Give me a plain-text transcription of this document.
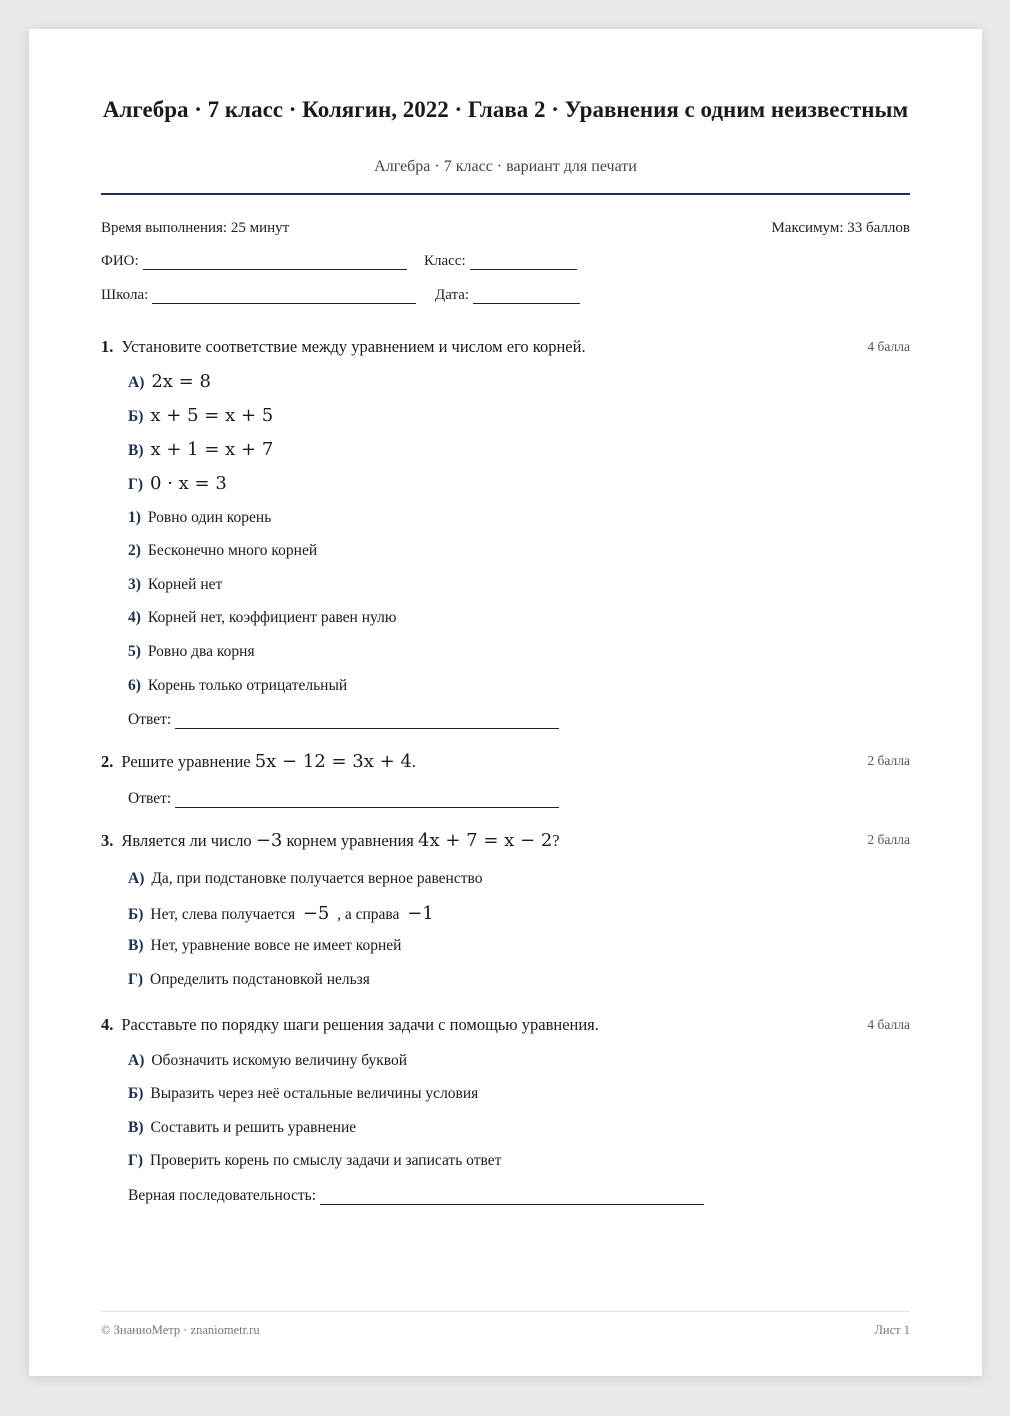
Алгебра · 7 класс · Колягин, 2022 · Глава 2 · Уравнения с одним неизвестным
Алгебра · 7 класс · вариант для печати
Время выполнения: 25 минут	Максимум: 33 баллов
ФИО:	Класс:
Школа:	Дата:
1. Установите соответствие между уравнением и числом его корней.	4 балла
А) 2x = 8
Б) x + 5 = x + 5
В) x + 1 = x + 7
Г) 0 · x = 3
1) Ровно один корень
2) Бесконечно много корней
3) Корней нет
4) Корней нет, коэффициент равен нулю
5) Ровно два корня
6) Корень только отрицательный
Ответ:
2. Решите уравнение 5x − 12 = 3x + 4.	2 балла
Ответ:
3. Является ли число −3 корнем уравнения 4x + 7 = x − 2?	2 балла
А) Да, при подстановке получается верное равенство
Б) Нет, слева получается −5 , а справа −1
В) Нет, уравнение вовсе не имеет корней
Г) Определить подстановкой нельзя
4. Расставьте по порядку шаги решения задачи с помощью уравнения.	4 балла
А) Обозначить искомую величину буквой
Б) Выразить через неё остальные величины условия
В) Составить и решить уравнение
Г) Проверить корень по смыслу задачи и записать ответ
Верная последовательность:
© ЗнаниоМетр · znaniometr.ru	Лист 1
